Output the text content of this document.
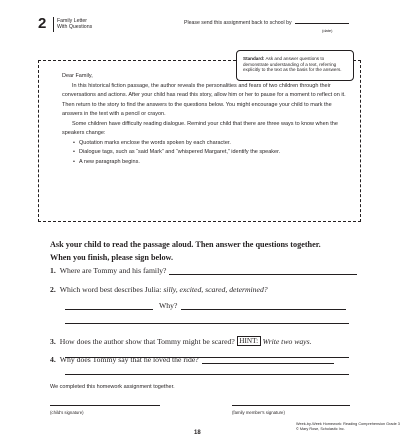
2	Family Letter
With Questions
Please send this assignment back to school by
(date)
Standard: Ask and answer questions to demonstrate understanding of a text, referring explicitly to the text as the basis for the answers.

Dear Family,

In this historical fiction passage, the author reveals the personalities and fears of two children through their conversations and actions. After your child has read this story, allow him or her to pause for a moment to reflect on it. Then return to the story to find the answers to the questions below. You might encourage your child to mark the answers in the text with a pencil or crayon.

Some children have difficulty reading dialogue. Remind your child that there are three ways to know when the speakers change:

• Quotation marks enclose the words spoken by each character.
• Dialogue tags, such as “said Mark” and “whispered Margaret,” identify the speaker.
• A new paragraph begins.
Ask your child to read the passage aloud. Then answer the questions together.
When you finish, please sign below.
1. Where are Tommy and his family?
2. Which word best describes Julia: silly, excited, scared, determined?
Why?
3. How does the author show that Tommy might be scared? HINT: Write two ways.
4. Why does Tommy say that he loved the ride?
We completed this homework assignment together.
(child's signature)	(family member's signature)
18
Week-by-Week Homework: Reading Comprehension Grade 3
© Mary Rose, Scholastic Inc.
